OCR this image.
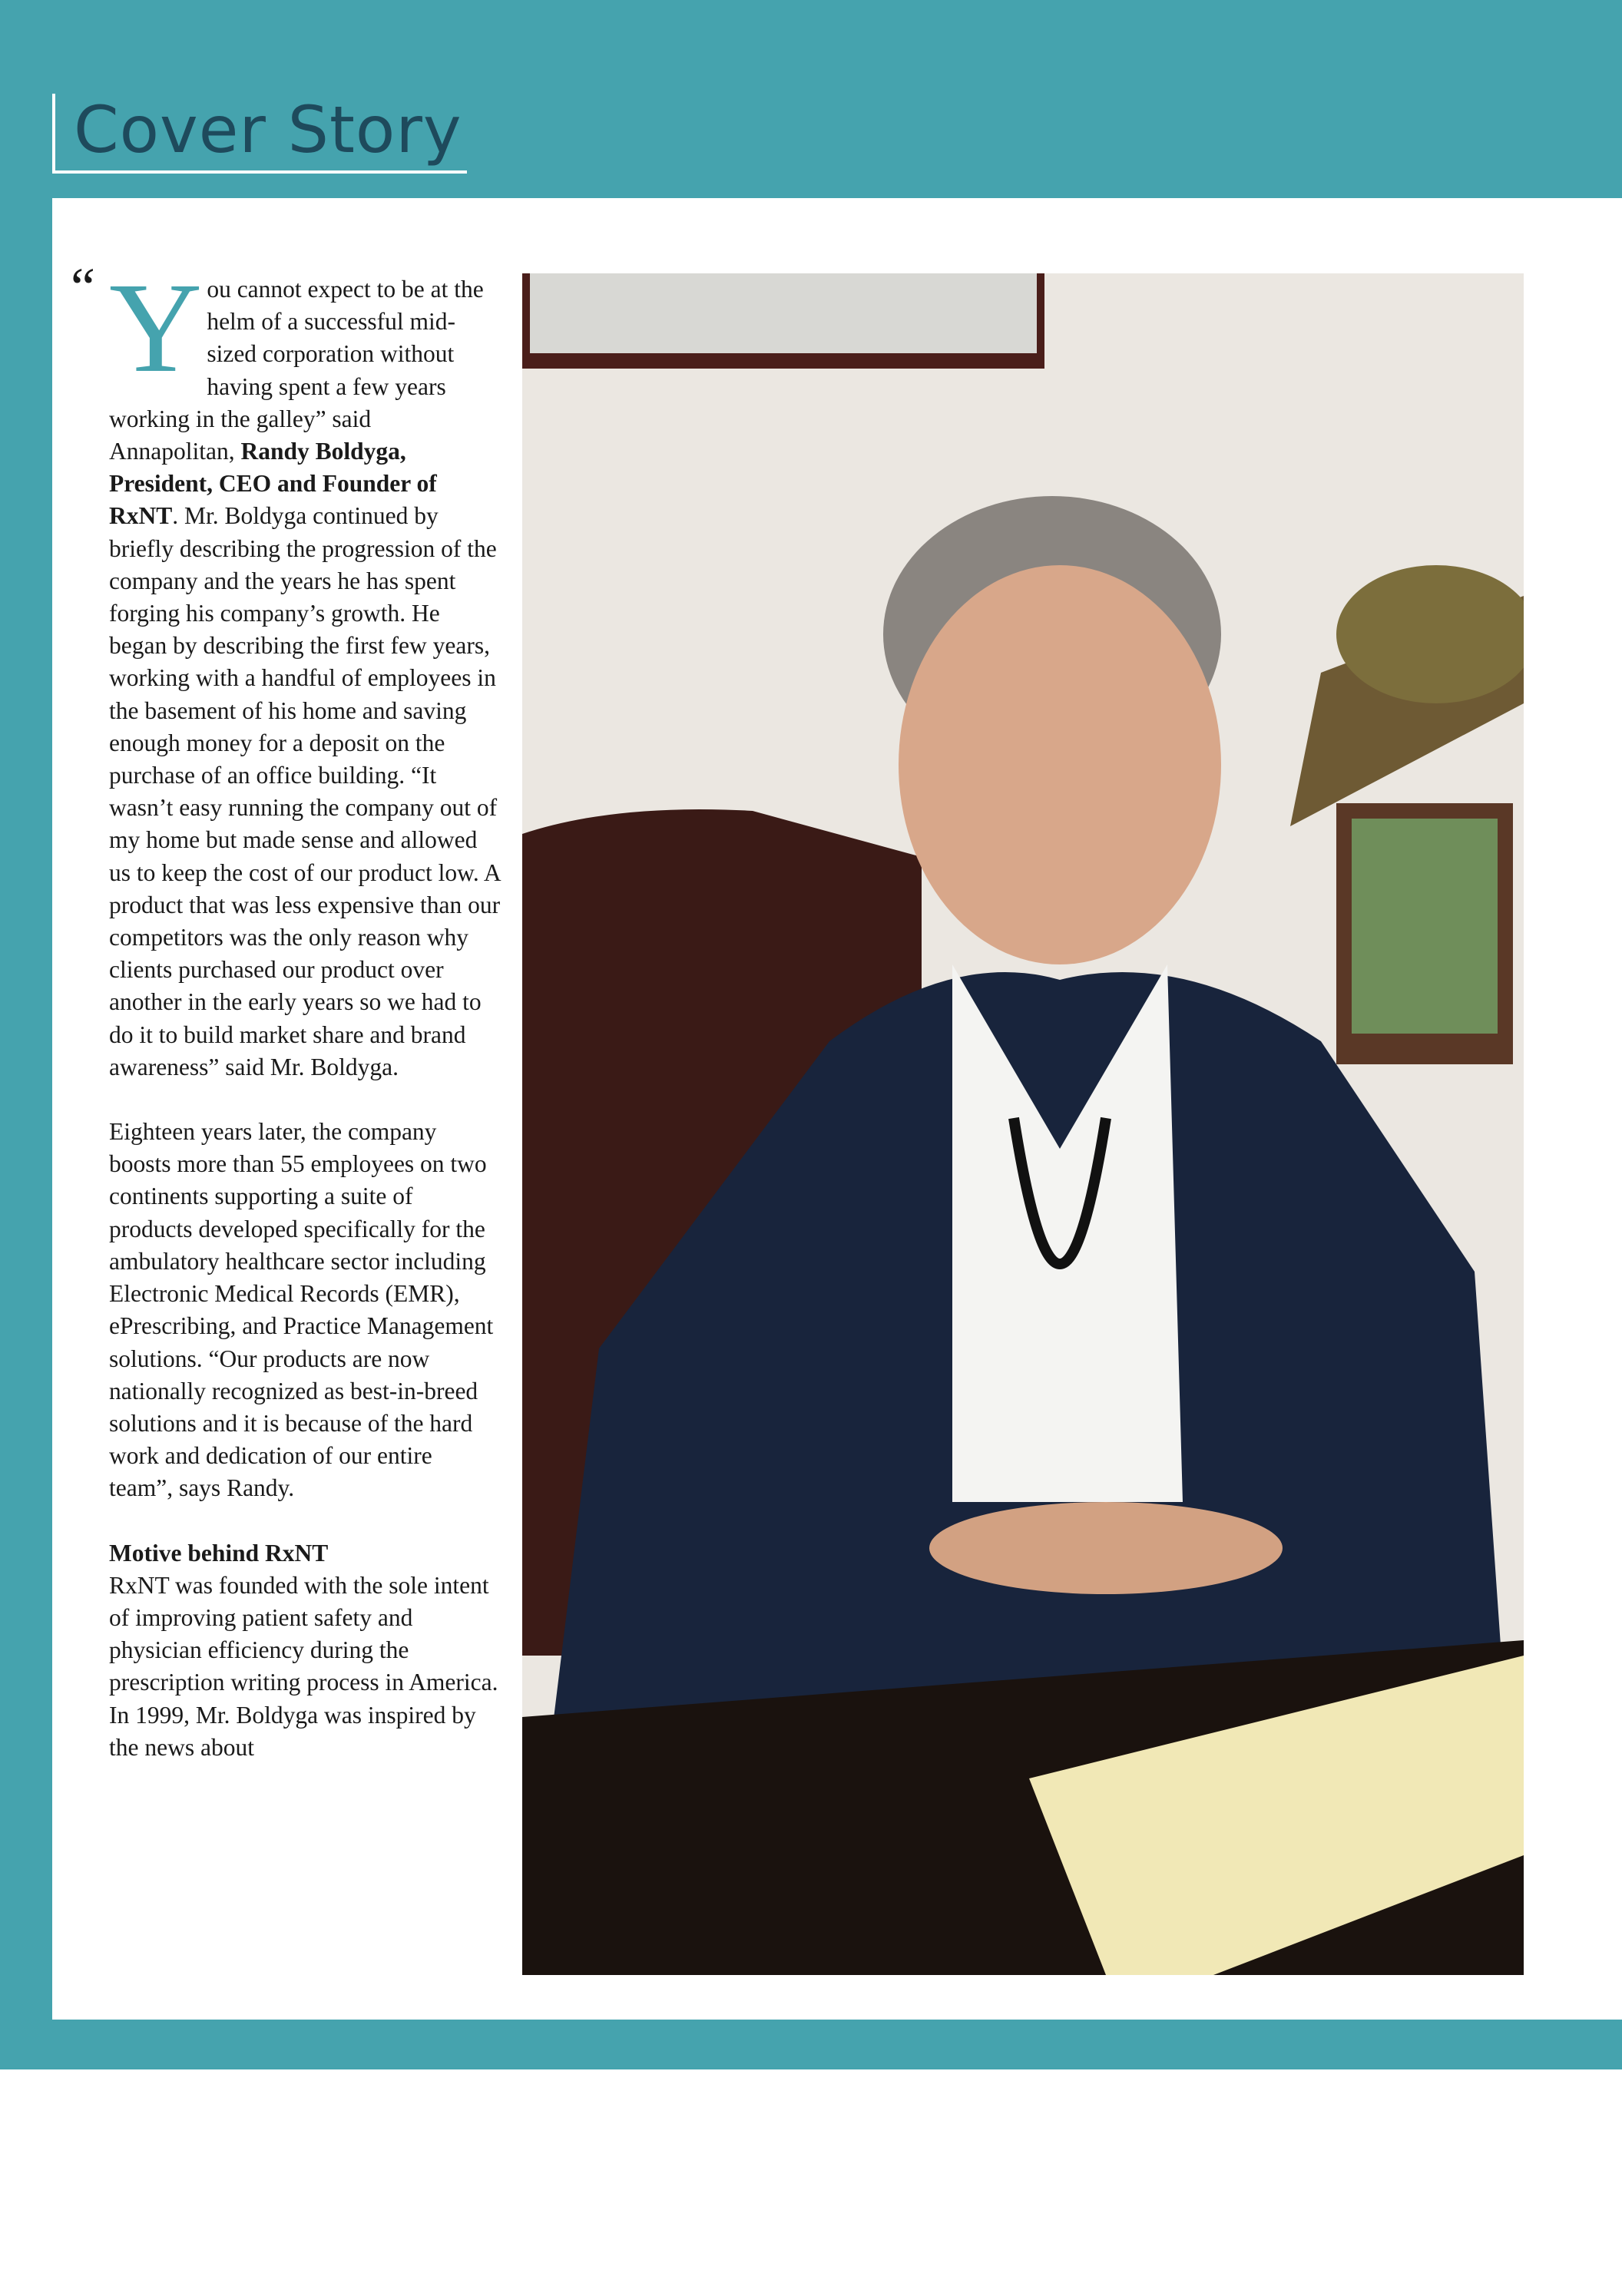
Cover Story
“ You cannot expect to be at the helm of a successful mid-sized corporation without having spent a few years working in the galley” said Annapolitan, Randy Boldyga, President, CEO and Founder of RxNT. Mr. Boldyga continued by briefly describing the progression of the company and the years he has spent forging his company’s growth. He began by describing the first few years, working with a handful of employees in the basement of his home and saving enough money for a deposit on the purchase of an office building. “It wasn’t easy running the company out of my home but made sense and allowed us to keep the cost of our product low. A product that was less expensive than our competitors was the only reason why clients purchased our product over another in the early years so we had to do it to build market share and brand awareness” said Mr. Boldyga.

Eighteen years later, the company boosts more than 55 employees on two continents supporting a suite of products developed specifically for the ambulatory healthcare sector including Electronic Medical Records (EMR), ePrescribing, and Practice Management solutions. “Our products are now nationally recognized as best-in-breed solutions and it is because of the hard work and dedication of our entire team”, says Randy.

Motive behind RxNT

RxNT was founded with the sole intent of improving patient safety and physician efficiency during the prescription writing process in America. In 1999, Mr. Boldyga was inspired by the news about
